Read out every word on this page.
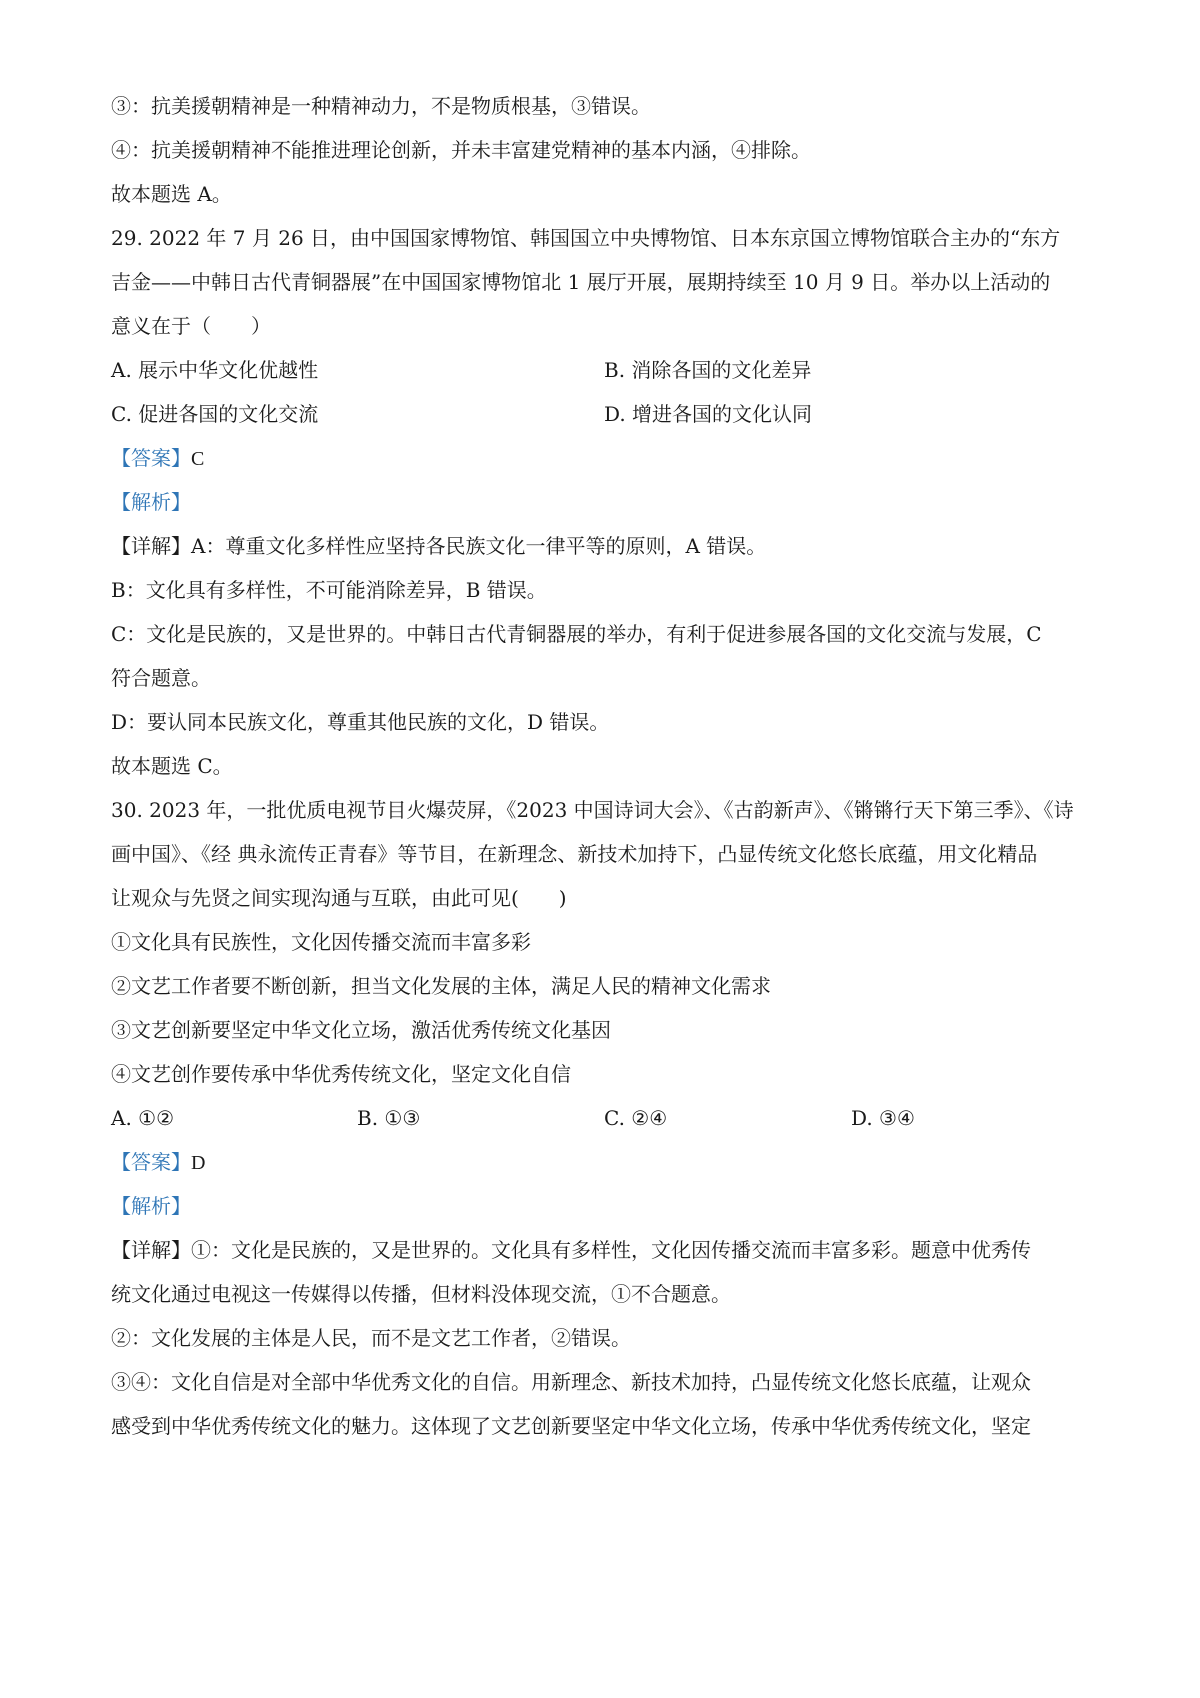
③：抗美援朝精神是一种精神动力，不是物质根基，③错误。
④：抗美援朝精神不能推进理论创新，并未丰富建党精神的基本内涵，④排除。
故本题选 A。
29. 2022 年 7 月 26 日，由中国国家博物馆、韩国国立中央博物馆、日本东京国立博物馆联合主办的“东方
吉金——中韩日古代青铜器展”在中国国家博物馆北 1 展厅开展，展期持续至 10 月 9 日。举办以上活动的
意义在于（　　）
A. 展示中华文化优越性	B. 消除各国的文化差异
C. 促进各国的文化交流	D. 增进各国的文化认同
【答案】C
【解析】
【详解】A：尊重文化多样性应坚持各民族文化一律平等的原则，A 错误。
B：文化具有多样性，不可能消除差异，B 错误。
C：文化是民族的，又是世界的。中韩日古代青铜器展的举办，有利于促进参展各国的文化交流与发展，C
符合题意。
D：要认同本民族文化，尊重其他民族的文化，D 错误。
故本题选 C。
30. 2023 年，一批优质电视节目火爆荧屏，《2023 中国诗词大会》、《古韵新声》、《锵锵行天下第三季》、《诗
画中国》、《经 典永流传正青春》等节目，在新理念、新技术加持下，凸显传统文化悠长底蕴，用文化精品
让观众与先贤之间实现沟通与互联，由此可见(　　)
①文化具有民族性，文化因传播交流而丰富多彩
②文艺工作者要不断创新，担当文化发展的主体，满足人民的精神文化需求
③文艺创新要坚定中华文化立场，激活优秀传统文化基因
④文艺创作要传承中华优秀传统文化，坚定文化自信
A. ①②	B. ①③	C. ②④	D. ③④
【答案】D
【解析】
【详解】①：文化是民族的，又是世界的。文化具有多样性，文化因传播交流而丰富多彩。题意中优秀传
统文化通过电视这一传媒得以传播，但材料没体现交流，①不合题意。
②：文化发展的主体是人民，而不是文艺工作者，②错误。
③④：文化自信是对全部中华优秀文化的自信。用新理念、新技术加持，凸显传统文化悠长底蕴，让观众
感受到中华优秀传统文化的魅力。这体现了文艺创新要坚定中华文化立场，传承中华优秀传统文化，坚定
